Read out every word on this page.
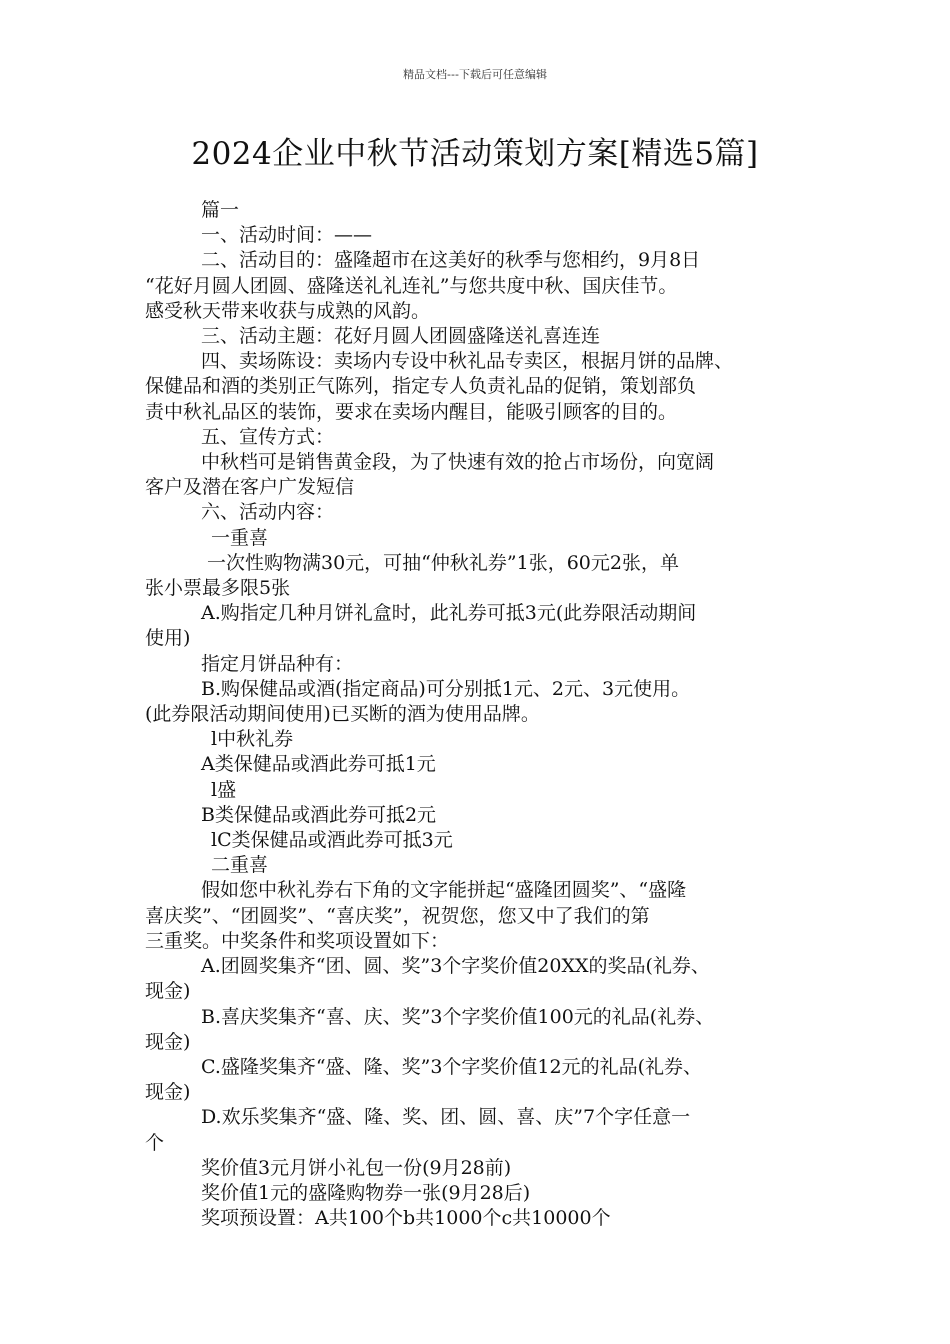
精品文档---下载后可任意编辑
2024企业中秋节活动策划方案[精选5篇]

篇一

一、活动时间：——

二、活动目的：盛隆超市在这美好的秋季与您相约，9月8日

“花好月圆人团圆、盛隆送礼礼连礼”与您共度中秋、国庆佳节。

感受秋天带来收获与成熟的风韵。

三、活动主题：花好月圆人团圆盛隆送礼喜连连

四、卖场陈设：卖场内专设中秋礼品专卖区，根据月饼的品牌、

保健品和酒的类别正气陈列，指定专人负责礼品的促销，策划部负

责中秋礼品区的装饰，要求在卖场内醒目，能吸引顾客的目的。

五、宣传方式：

中秋档可是销售黄金段，为了快速有效的抢占市场份，向宽阔

客户及潜在客户广发短信

六、活动内容：

一重喜

一次性购物满30元，可抽“仲秋礼券”1张，60元2张，单

张小票最多限5张

A.购指定几种月饼礼盒时，此礼券可抵3元(此券限活动期间

使用)

指定月饼品种有：

B.购保健品或酒(指定商品)可分别抵1元、2元、3元使用。

(此券限活动期间使用)已买断的酒为使用品牌。

l中秋礼券

A类保健品或酒此券可抵1元

l盛

B类保健品或酒此券可抵2元

lC类保健品或酒此券可抵3元

二重喜

假如您中秋礼券右下角的文字能拼起“盛隆团圆奖”、“盛隆

喜庆奖”、“团圆奖”、“喜庆奖”，祝贺您，您又中了我们的第

三重奖。中奖条件和奖项设置如下：

A.团圆奖集齐“团、圆、奖”3个字奖价值20XX的奖品(礼券、

现金)

B.喜庆奖集齐“喜、庆、奖”3个字奖价值100元的礼品(礼券、

现金)

C.盛隆奖集齐“盛、隆、奖”3个字奖价值12元的礼品(礼券、

现金)

D.欢乐奖集齐“盛、隆、奖、团、圆、喜、庆”7个字任意一

个

奖价值3元月饼小礼包一份(9月28前)

奖价值1元的盛隆购物券一张(9月28后)

奖项预设置：A共100个b共1000个c共10000个
